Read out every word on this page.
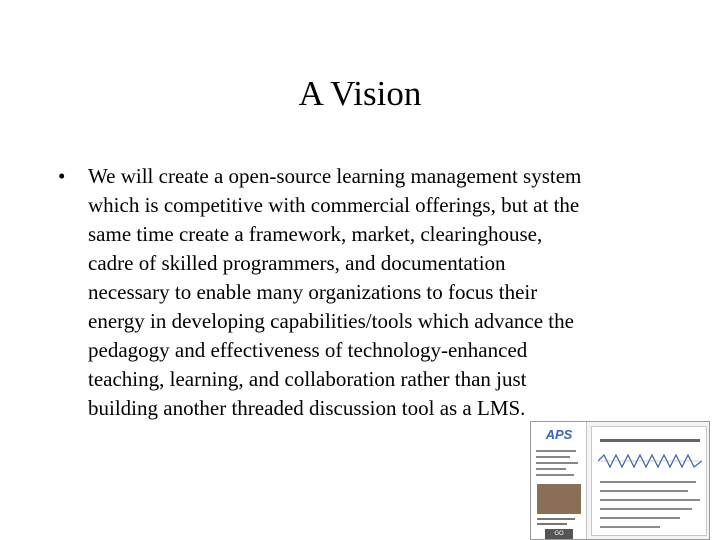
A Vision
• We will create a open-source learning management system
which is competitive with commercial offerings, but at the
same time create a framework, market, clearinghouse,
cadre of skilled programmers, and documentation
necessary to enable many organizations to focus their
energy in developing capabilities/tools which advance the
pedagogy and effectiveness of technology-enhanced
teaching, learning, and collaboration rather than just
building another threaded discussion tool as a LMS.
APS
GO
